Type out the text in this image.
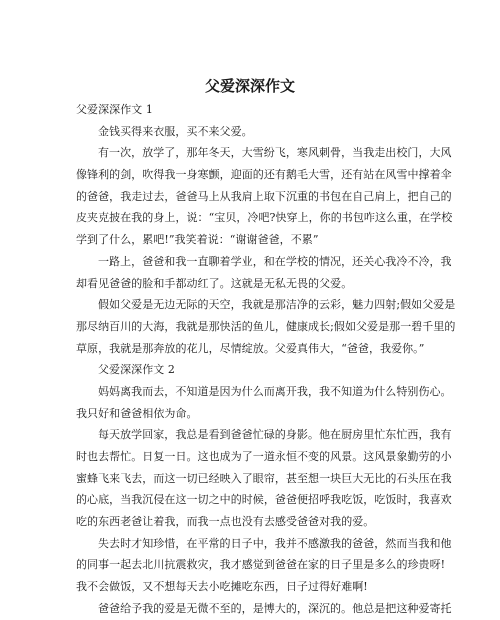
父爱深深作文
父爱深深作文 1
金钱买得来衣服，买不来父爱。
有一次，放学了，那年冬天，大雪纷飞，寒风刺骨，当我走出校门，大风
像锋利的剑，吹得我一身寒颤，迎面的还有鹅毛大雪，还有站在风雪中撑着伞
的爸爸，我走过去，爸爸马上从我肩上取下沉重的书包在自己肩上，把自己的
皮夹克披在我的身上，说：“宝贝，冷吧?快穿上，你的书包咋这么重，在学校
学到了什么，累吧!”我笑着说：“谢谢爸爸，不累”
一路上，爸爸和我一直聊着学业，和在学校的情况，还关心我冷不冷，我
却看见爸爸的脸和手都动红了。这就是无私无畏的父爱。
假如父爱是无边无际的天空，我就是那洁净的云彩，魅力四射;假如父爱是
那尽纳百川的大海，我就是那快活的鱼儿，健康成长;假如父爱是那一碧千里的
草原，我就是那奔放的花儿，尽情绽放。父爱真伟大，“爸爸，我爱你。”
父爱深深作文 2
妈妈离我而去，不知道是因为什么而离开我，我不知道为什么特别伤心。
我只好和爸爸相依为命。
每天放学回家，我总是看到爸爸忙碌的身影。他在厨房里忙东忙西，我有
时也去帮忙。日复一日。这也成为了一道永恒不变的风景。这风景象勤劳的小
蜜蜂飞来飞去，而这一切已经映入了眼帘，甚至想一块巨大无比的石头压在我
的心底，当我沉侵在这一切之中的时候，爸爸便招呼我吃饭，吃饭时，我喜欢
吃的东西老爸让着我，而我一点也没有去感受爸爸对我的爱。
失去时才知珍惜，在平常的日子中，我并不感激我的爸爸，然而当我和他
的同事一起去北川抗震救灾，我才感觉到爸爸在家的日子里是多么的珍贵呀!
我不会做饭，又不想每天去小吃摊吃东西，日子过得好难啊!
爸爸给予我的爱是无微不至的，是博大的，深沉的。他总是把这种爱寄托
